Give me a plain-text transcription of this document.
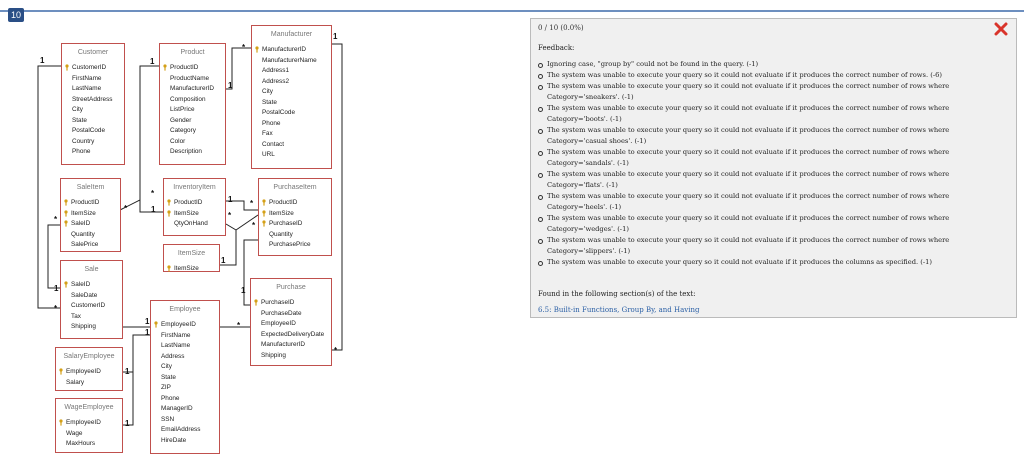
10
Customer
CustomerID
FirstName
LastName
StreetAddress
City
State
PostalCode
Country
Phone
Product
ProductID
ProductName
ManufacturerID
Composition
ListPrice
Gender
Category
Color
Description
Manufacturer
ManufacturerID
ManufacturerName
Address1
Address2
City
State
PostalCode
Phone
Fax
Contact
URL
SaleItem
ProductID
ItemSize
SaleID
Quantity
SalePrice
InventoryItem
ProductID
ItemSize
QtyOnHand
PurchaseItem
ProductID
ItemSize
PurchaseID
Quantity
PurchasePrice
ItemSize
ItemSize
Sale
SaleID
SaleDate
CustomerID
Tax
Shipping
Purchase
PurchaseID
PurchaseDate
EmployeeID
ExpectedDeliveryDate
ManufacturerID
Shipping
Employee
EmployeeID
FirstName
LastName
Address
City
State
ZIP
Phone
ManagerID
SSN
EmailAddress
HireDate
SalaryEmployee
EmployeeID
Salary
WageEmployee
EmployeeID
Wage
MaxHours
1	1
*
1
1
*
*	1
1 *
*
*
1
*
1
*
1
1
1
*
*
1
1
0 / 10 (0.0%)
Feedback:
Ignoring case, "group by" could not be found in the query. (-1)
The system was unable to execute your query so it could not evaluate if it produces the correct number of rows. (-6)
The system was unable to execute your query so it could not evaluate if it produces the correct number of rows where Category='sneakers'. (-1)
The system was unable to execute your query so it could not evaluate if it produces the correct number of rows where Category='boots'. (-1)
The system was unable to execute your query so it could not evaluate if it produces the correct number of rows where Category='casual shoes'. (-1)
The system was unable to execute your query so it could not evaluate if it produces the correct number of rows where Category='sandals'. (-1)
The system was unable to execute your query so it could not evaluate if it produces the correct number of rows where Category='flats'. (-1)
The system was unable to execute your query so it could not evaluate if it produces the correct number of rows where Category='heels'. (-1)
The system was unable to execute your query so it could not evaluate if it produces the correct number of rows where Category='wedges'. (-1)
The system was unable to execute your query so it could not evaluate if it produces the correct number of rows where Category='slippers'. (-1)
The system was unable to execute your query so it could not evaluate if it produces the columns as specified. (-1)
Found in the following section(s) of the text:
6.5: Built-in Functions, Group By, and Having
